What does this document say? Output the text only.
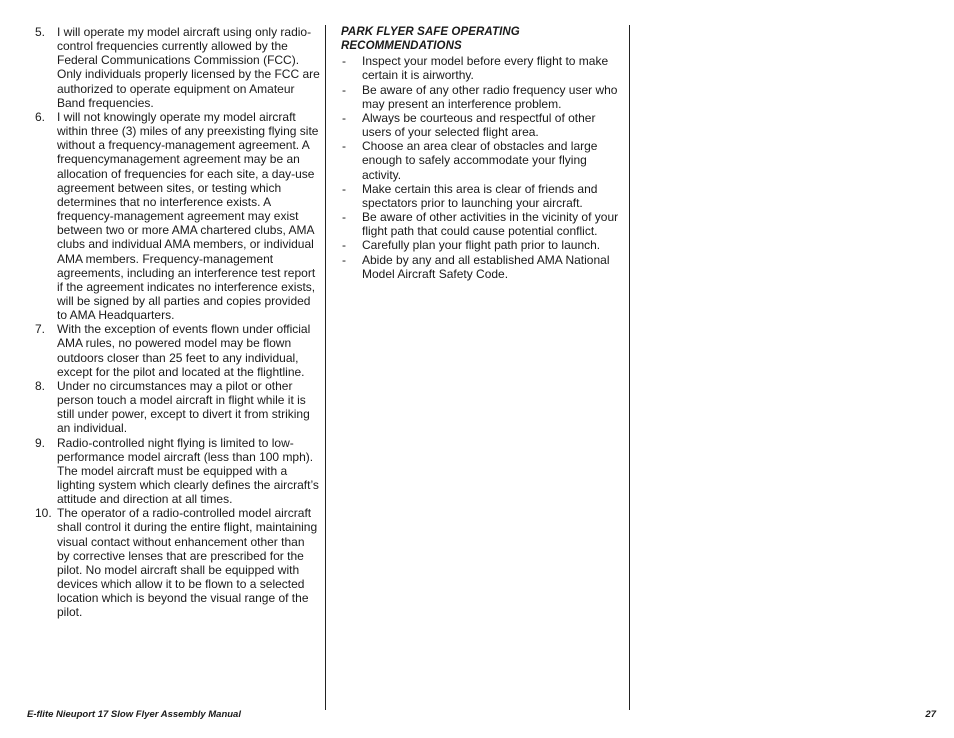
5. I will operate my model aircraft using only radio-control frequencies currently allowed by the Federal Communications Commission (FCC). Only individuals properly licensed by the FCC are authorized to operate equipment on Amateur Band frequencies.
6. I will not knowingly operate my model aircraft within three (3) miles of any preexisting flying site without a frequency-management agreement. A frequencymanagement agreement may be an allocation of frequencies for each site, a day-use agreement between sites, or testing which determines that no interference exists. A frequency-management agreement may exist between two or more AMA chartered clubs, AMA clubs and individual AMA members, or individual AMA members. Frequency-management agreements, including an interference test report if the agreement indicates no interference exists, will be signed by all parties and copies provided to AMA Headquarters.
7. With the exception of events flown under official AMA rules, no powered model may be flown outdoors closer than 25 feet to any individual, except for the pilot and located at the flightline.
8. Under no circumstances may a pilot or other person touch a model aircraft in flight while it is still under power, except to divert it from striking an individual.
9. Radio-controlled night flying is limited to low-performance model aircraft (less than 100 mph). The model aircraft must be equipped with a lighting system which clearly defines the aircraft’s attitude and direction at all times.
10. The operator of a radio-controlled model aircraft shall control it during the entire flight, maintaining visual contact without enhancement other than by corrective lenses that are prescribed for the pilot. No model aircraft shall be equipped with devices which allow it to be flown to a selected location which is beyond the visual range of the pilot.
PARK FLYER SAFE OPERATING RECOMMENDATIONS
-	Inspect your model before every flight to make certain it is airworthy.
-	Be aware of any other radio frequency user who may present an interference problem.
-	Always be courteous and respectful of other users of your selected flight area.
-	Choose an area clear of obstacles and large enough to safely accommodate your flying activity.
-	Make certain this area is clear of friends and spectators prior to launching your aircraft.
-	Be aware of other activities in the vicinity of your flight path that could cause potential conflict.
-	Carefully plan your flight path prior to launch.
-	Abide by any and all established AMA National Model Aircraft Safety Code.
E-flite Nieuport 17 Slow Flyer Assembly Manual	27
